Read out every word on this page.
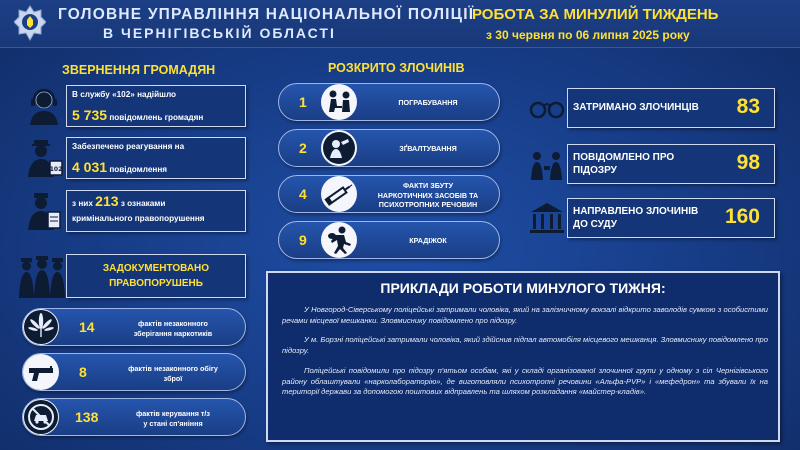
ГОЛОВНЕ УПРАВЛІННЯ НАЦІОНАЛЬНОЇ ПОЛІЦІЇ
В ЧЕРНІГІВСЬКІЙ ОБЛАСТІ
РОБОТА ЗА МИНУЛИЙ ТИЖДЕНЬ
з 30 червня по 06 липня 2025 року
ЗВЕРНЕННЯ ГРОМАДЯН
В службу «102» надійшло
5 735 повідомлень громадян
102
Забезпечено реагування на
4 031 повідомлення
з них 213 з ознаками
кримінального правопорушення
ЗАДОКУМЕНТОВАНО
ПРАВОПОРУШЕНЬ
14	фактів незаконного
зберігання наркотиків
8	фактів незаконного обігу
зброї
138	фактів керування т/з
у стані сп'яніння
РОЗКРИТО ЗЛОЧИНІВ
1	ПОГРАБУВАННЯ
2	ЗҐВАЛТУВАННЯ
4
ФАКТИ ЗБУТУ
НАРКОТИЧНИХ ЗАСОБІВ ТА
ПСИХОТРОПНИХ РЕЧОВИН
9	КРАДІЖОК
ЗАТРИМАНО ЗЛОЧИНЦІВ 83
ПОВІДОМЛЕНО ПРО
ПІДОЗРУ	98
НАПРАВЛЕНО ЗЛОЧИНІВ
ДО СУДУ	160
ПРИКЛАДИ РОБОТИ МИНУЛОГО ТИЖНЯ:
У Новгород-Сіверському поліцейські затримали чоловіка, який на залізничному вокзалі відкрито заволодів сумкою з особистими речами місцевої мешканки. Зловмиснику повідомлено про підозру.
У м. Борзні поліцейські затримали чоловіка, який здійснив підпал автомобіля місцевого мешканця. Зловмиснику повідомлено про підозру.
Поліцейські повідомили про підозру п'ятьом особам, які у складі організованої злочинної групи у одному з сіл Чернігівського району облаштували «нарколабораторію», де виготовляли психотропні речовини «Альфа-PVP» і «мефедрон» та збували їх на території держави за допомогою поштових відправлень та шляхом розкладання «майстер-кладів».
